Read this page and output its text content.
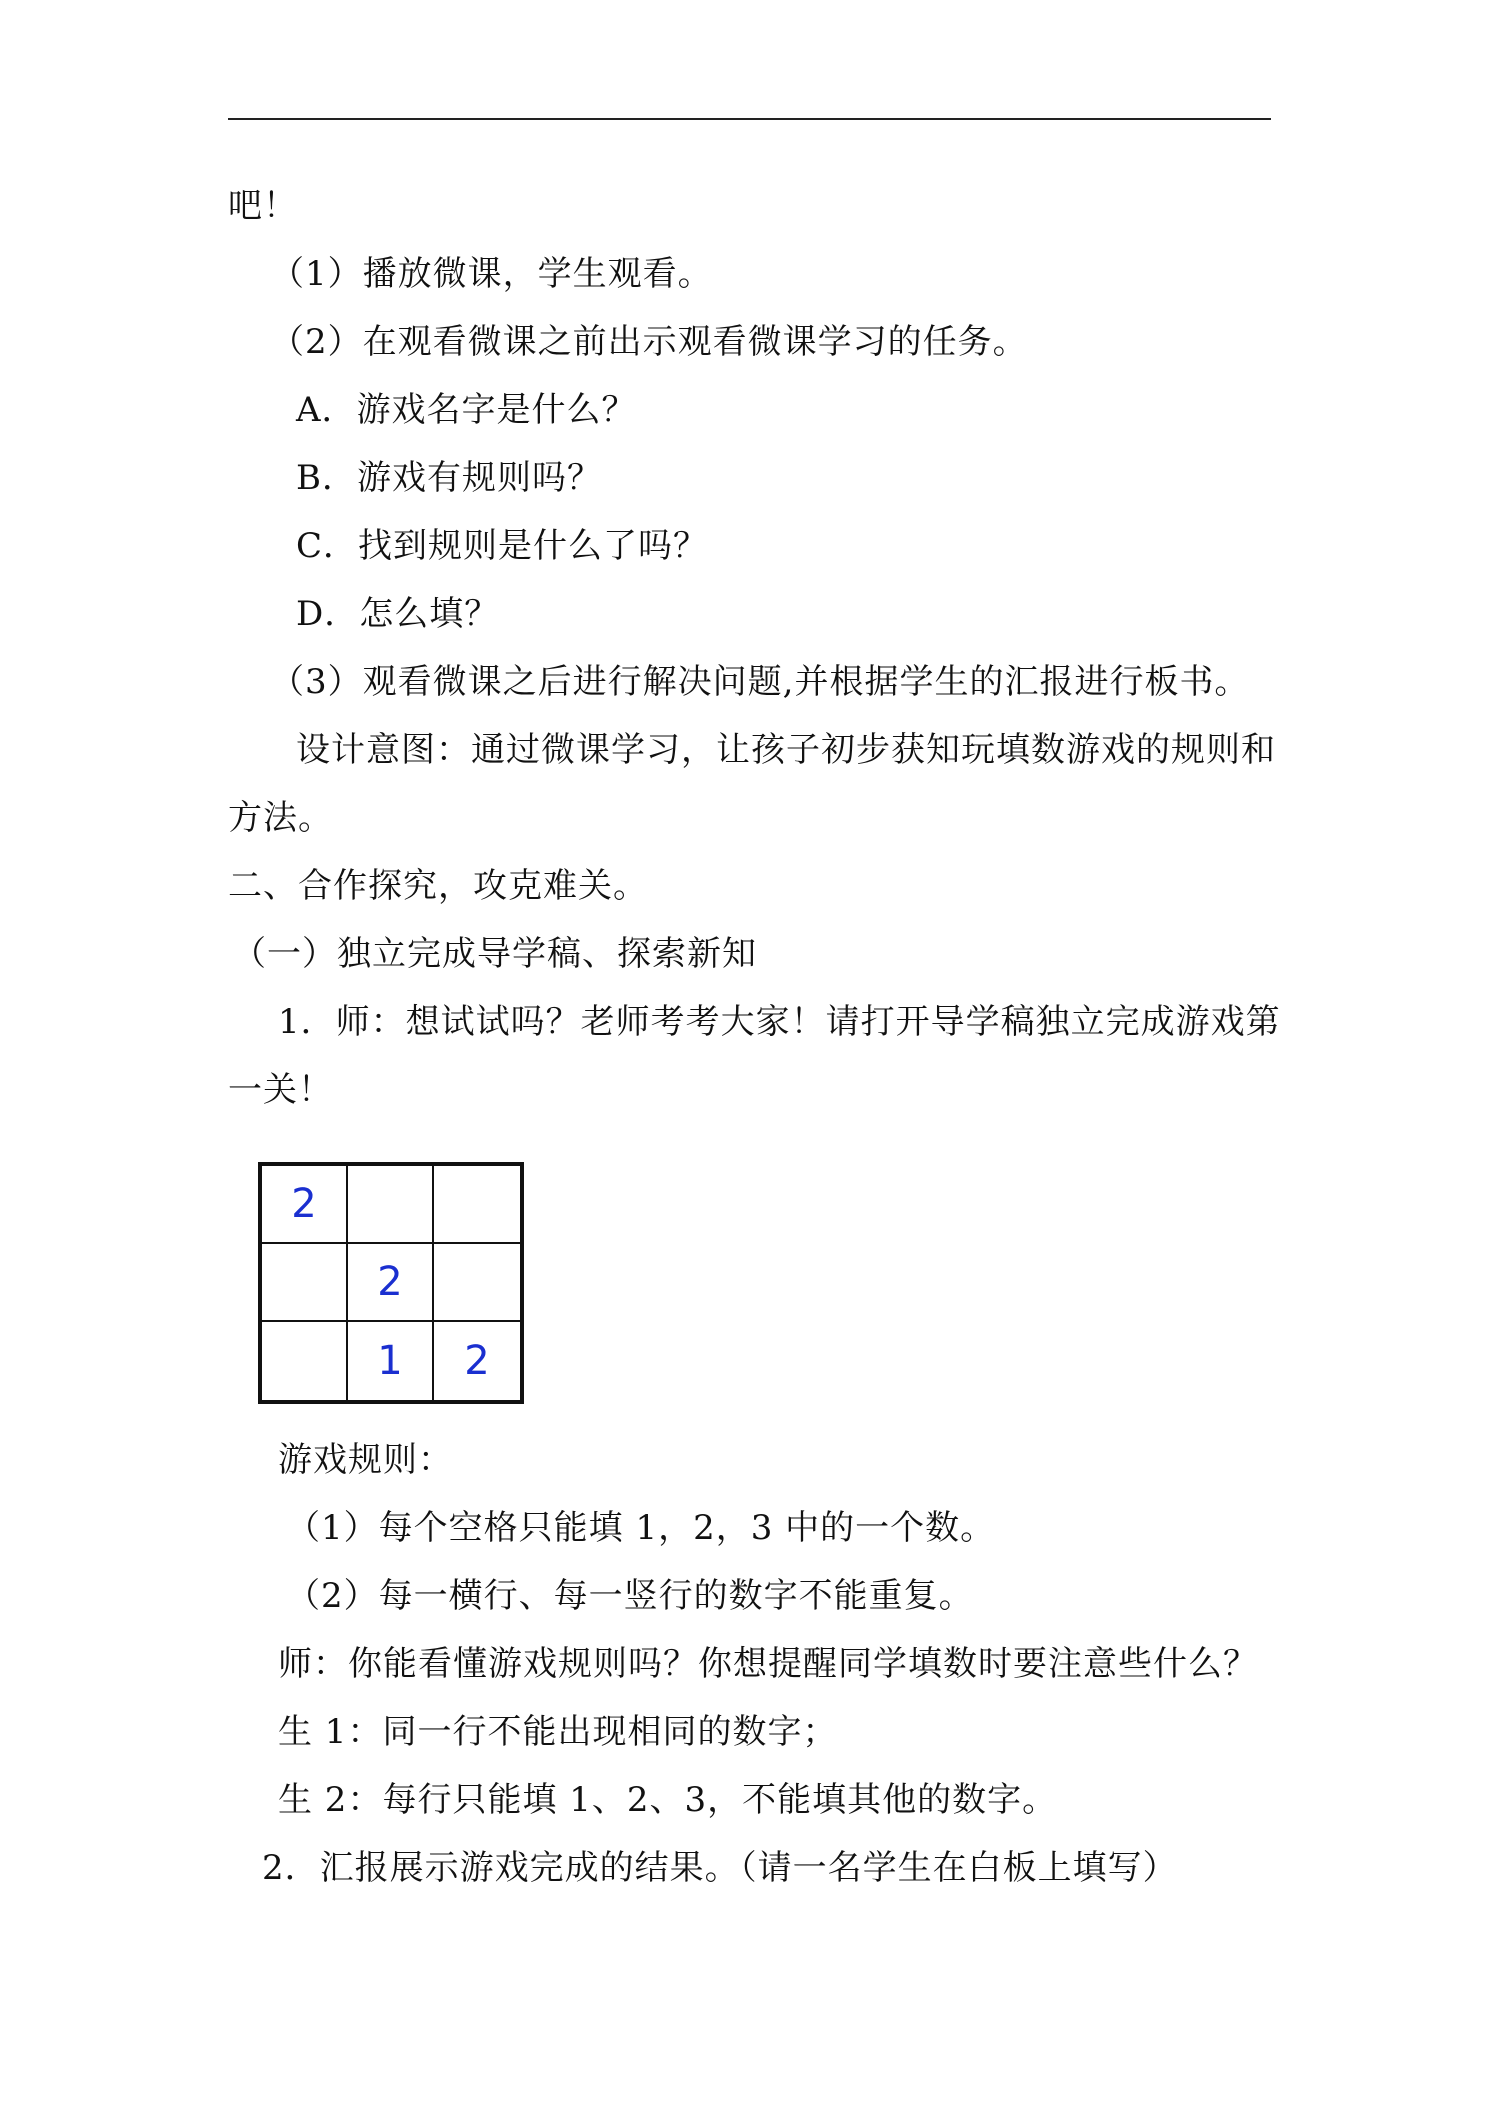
吧！
（1）播放微课，学生观看。
（2）在观看微课之前出示观看微课学习的任务。
A．游戏名字是什么？
B．游戏有规则吗？
C．找到规则是什么了吗？
D．怎么填？
（3）观看微课之后进行解决问题,并根据学生的汇报进行板书。
设计意图：通过微课学习，让孩子初步获知玩填数游戏的规则和
方法。
二、合作探究，攻克难关。
（一）独立完成导学稿、探索新知
1．师：想试试吗？老师考考大家！请打开导学稿独立完成游戏第
一关！
2
2
1	2
游戏规则：
（1）每个空格只能填 1，2，3 中的一个数。
（2）每一横行、每一竖行的数字不能重复。
师：你能看懂游戏规则吗？你想提醒同学填数时要注意些什么？
生 1：同一行不能出现相同的数字；
生 2：每行只能填 1、2、3，不能填其他的数字。
2．汇报展示游戏完成的结果。（请一名学生在白板上填写）
